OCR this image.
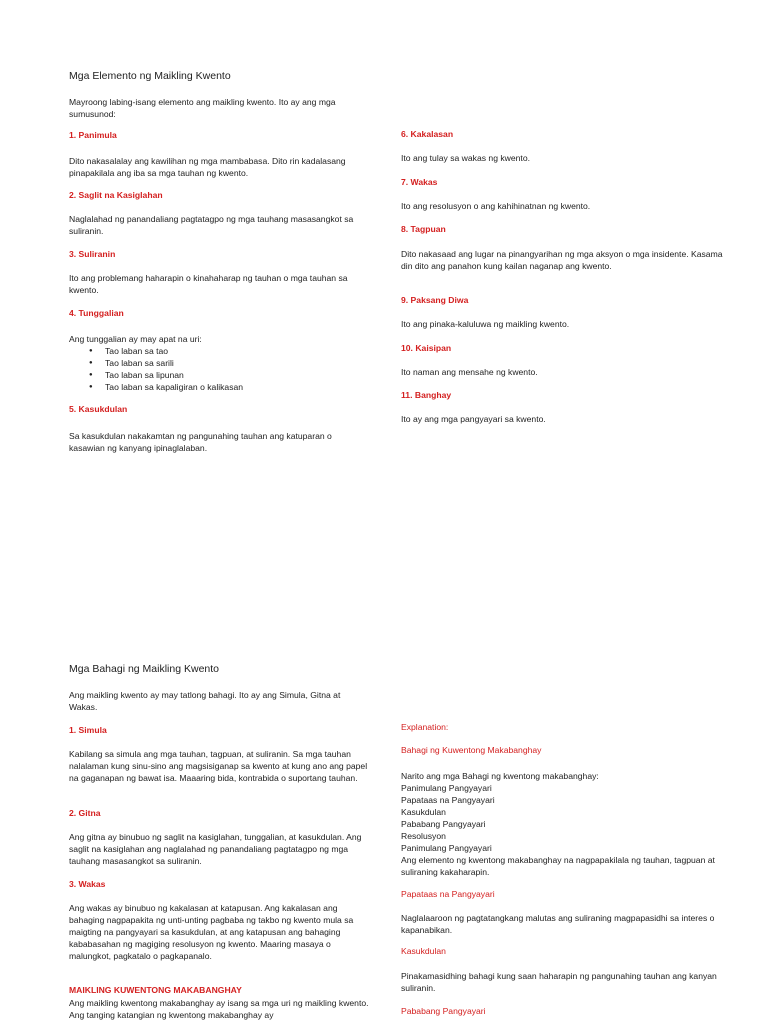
Mga Elemento ng Maikling Kwento
Mayroong labing-isang elemento ang maikling kwento. Ito ay ang mga sumusunod:
1. Panimula
Dito nakasalalay ang kawilihan ng mga mambabasa. Dito rin kadalasang pinapakilala ang iba sa mga tauhan ng kwento.
2. Saglit na Kasiglahan
Naglalahad ng panandaliang pagtatagpo ng mga tauhang masasangkot sa suliranin.
3. Suliranin
Ito ang problemang haharapin o kinahaharap ng tauhan o mga tauhan sa kwento.
4. Tunggalian
Ang tunggalian ay may apat na uri:
● Tao laban sa tao
● Tao laban sa sarili
● Tao laban sa lipunan
● Tao laban sa kapaligiran o kalikasan
5. Kasukdulan
Sa kasukdulan nakakamtan ng pangunahing tauhan ang katuparan o kasawian ng kanyang ipinaglalaban.
6. Kakalasan
Ito ang tulay sa wakas ng kwento.
7. Wakas
Ito ang resolusyon o ang kahihinatnan ng kwento.
8. Tagpuan
Dito nakasaad ang lugar na pinangyarihan ng mga aksyon o mga insidente. Kasama din dito ang panahon kung kailan naganap ang kwento.
9. Paksang Diwa
Ito ang pinaka-kaluluwa ng maikling kwento.
10. Kaisipan
Ito naman ang mensahe ng kwento.
11. Banghay
Ito ay ang mga pangyayari sa kwento.
Mga Bahagi ng Maikling Kwento
Ang maikling kwento ay may tatlong bahagi. Ito ay ang Simula, Gitna at Wakas.
1. Simula
Kabilang sa simula ang mga tauhan, tagpuan, at suliranin. Sa mga tauhan nalalaman kung sinu-sino ang magsisiganap sa kwento at kung ano ang papel na gaganapan ng bawat isa. Maaaring bida, kontrabida o suportang tauhan.
2. Gitna
Ang gitna ay binubuo ng saglit na kasiglahan, tunggalian, at kasukdulan. Ang saglit na kasiglahan ang naglalahad ng panandaliang pagtatagpo ng mga tauhang masasangkot sa suliranin.
3. Wakas
Ang wakas ay binubuo ng kakalasan at katapusan. Ang kakalasan ang bahaging nagpapakita ng unti-unting pagbaba ng takbo ng kwento mula sa maigting na pangyayari sa kasukdulan, at ang katapusan ang bahaging kababasahan ng magiging resolusyon ng kwento. Maaring masaya o malungkot, pagkatalo o pagkapanalo.
MAIKLING KUWENTONG MAKABANGHAY
Ang maikling kwentong makabanghay ay isang sa mga uri ng maikling kwento. Ang tanging katangian ng kwentong makabanghay ay
Explanation:
Bahagi ng Kuwentong Makabanghay
Narito ang mga Bahagi ng kwentong makabanghay:
Panimulang Pangyayari
Papataas na Pangyayari
Kasukdulan
Pababang Pangyayari
Resolusyon
Panimulang Pangyayari
Ang elemento ng kwentong makabanghay na nagpapakilala ng tauhan, tagpuan at suliraning kakaharapin.
Papataas na Pangyayari
Naglalaaroon ng pagtatangkang malutas ang suliraning magpapasidhi sa interes o kapanabikan.
Kasukdulan
Pinakamasidhing bahagi kung saan haharapin ng pangunahing tauhan ang kanyan suliranin.
Pababang Pangyayari
